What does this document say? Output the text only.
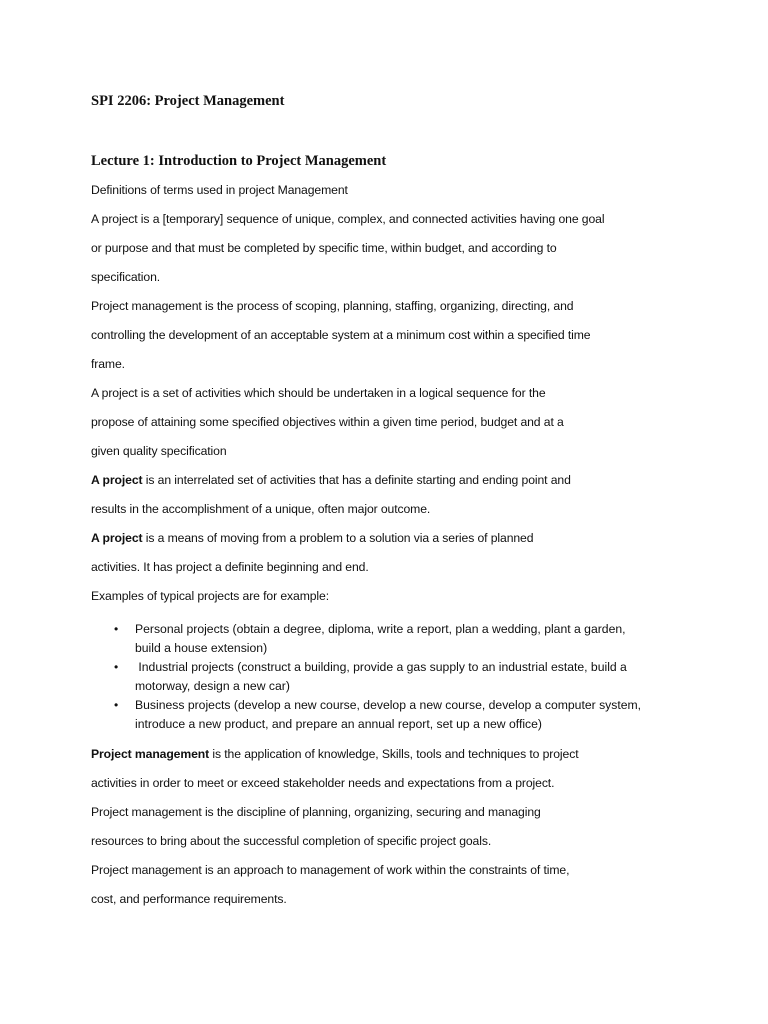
SPI 2206: Project Management
Lecture 1: Introduction to Project Management
Definitions of terms used in project Management
A project is a [temporary] sequence of unique, complex, and connected activities having one goal
or purpose and that must be completed by specific time, within budget, and according to
specification.
Project management is the process of scoping, planning, staffing, organizing, directing, and
controlling the development of an acceptable system at a minimum cost within a specified time
frame.
A project is a set of activities which should be undertaken in a logical sequence for the
propose of attaining some specified objectives within a given time period, budget and at a
given quality specification
A project is an interrelated set of activities that has a definite starting and ending point and
results in the accomplishment of a unique, often major outcome.
A project is a means of moving from a problem to a solution via a series of planned
activities. It has project a definite beginning and end.
Examples of typical projects are for example:
• Personal projects (obtain a degree, diploma, write a report, plan a wedding, plant a garden,
build a house extension)
• Industrial projects (construct a building, provide a gas supply to an industrial estate, build a
motorway, design a new car)
• Business projects (develop a new course, develop a new course, develop a computer system,
introduce a new product, and prepare an annual report, set up a new office)
Project management is the application of knowledge, Skills, tools and techniques to project
activities in order to meet or exceed stakeholder needs and expectations from a project.
Project management is the discipline of planning, organizing, securing and managing
resources to bring about the successful completion of specific project goals.
Project management is an approach to management of work within the constraints of time,
cost, and performance requirements.
